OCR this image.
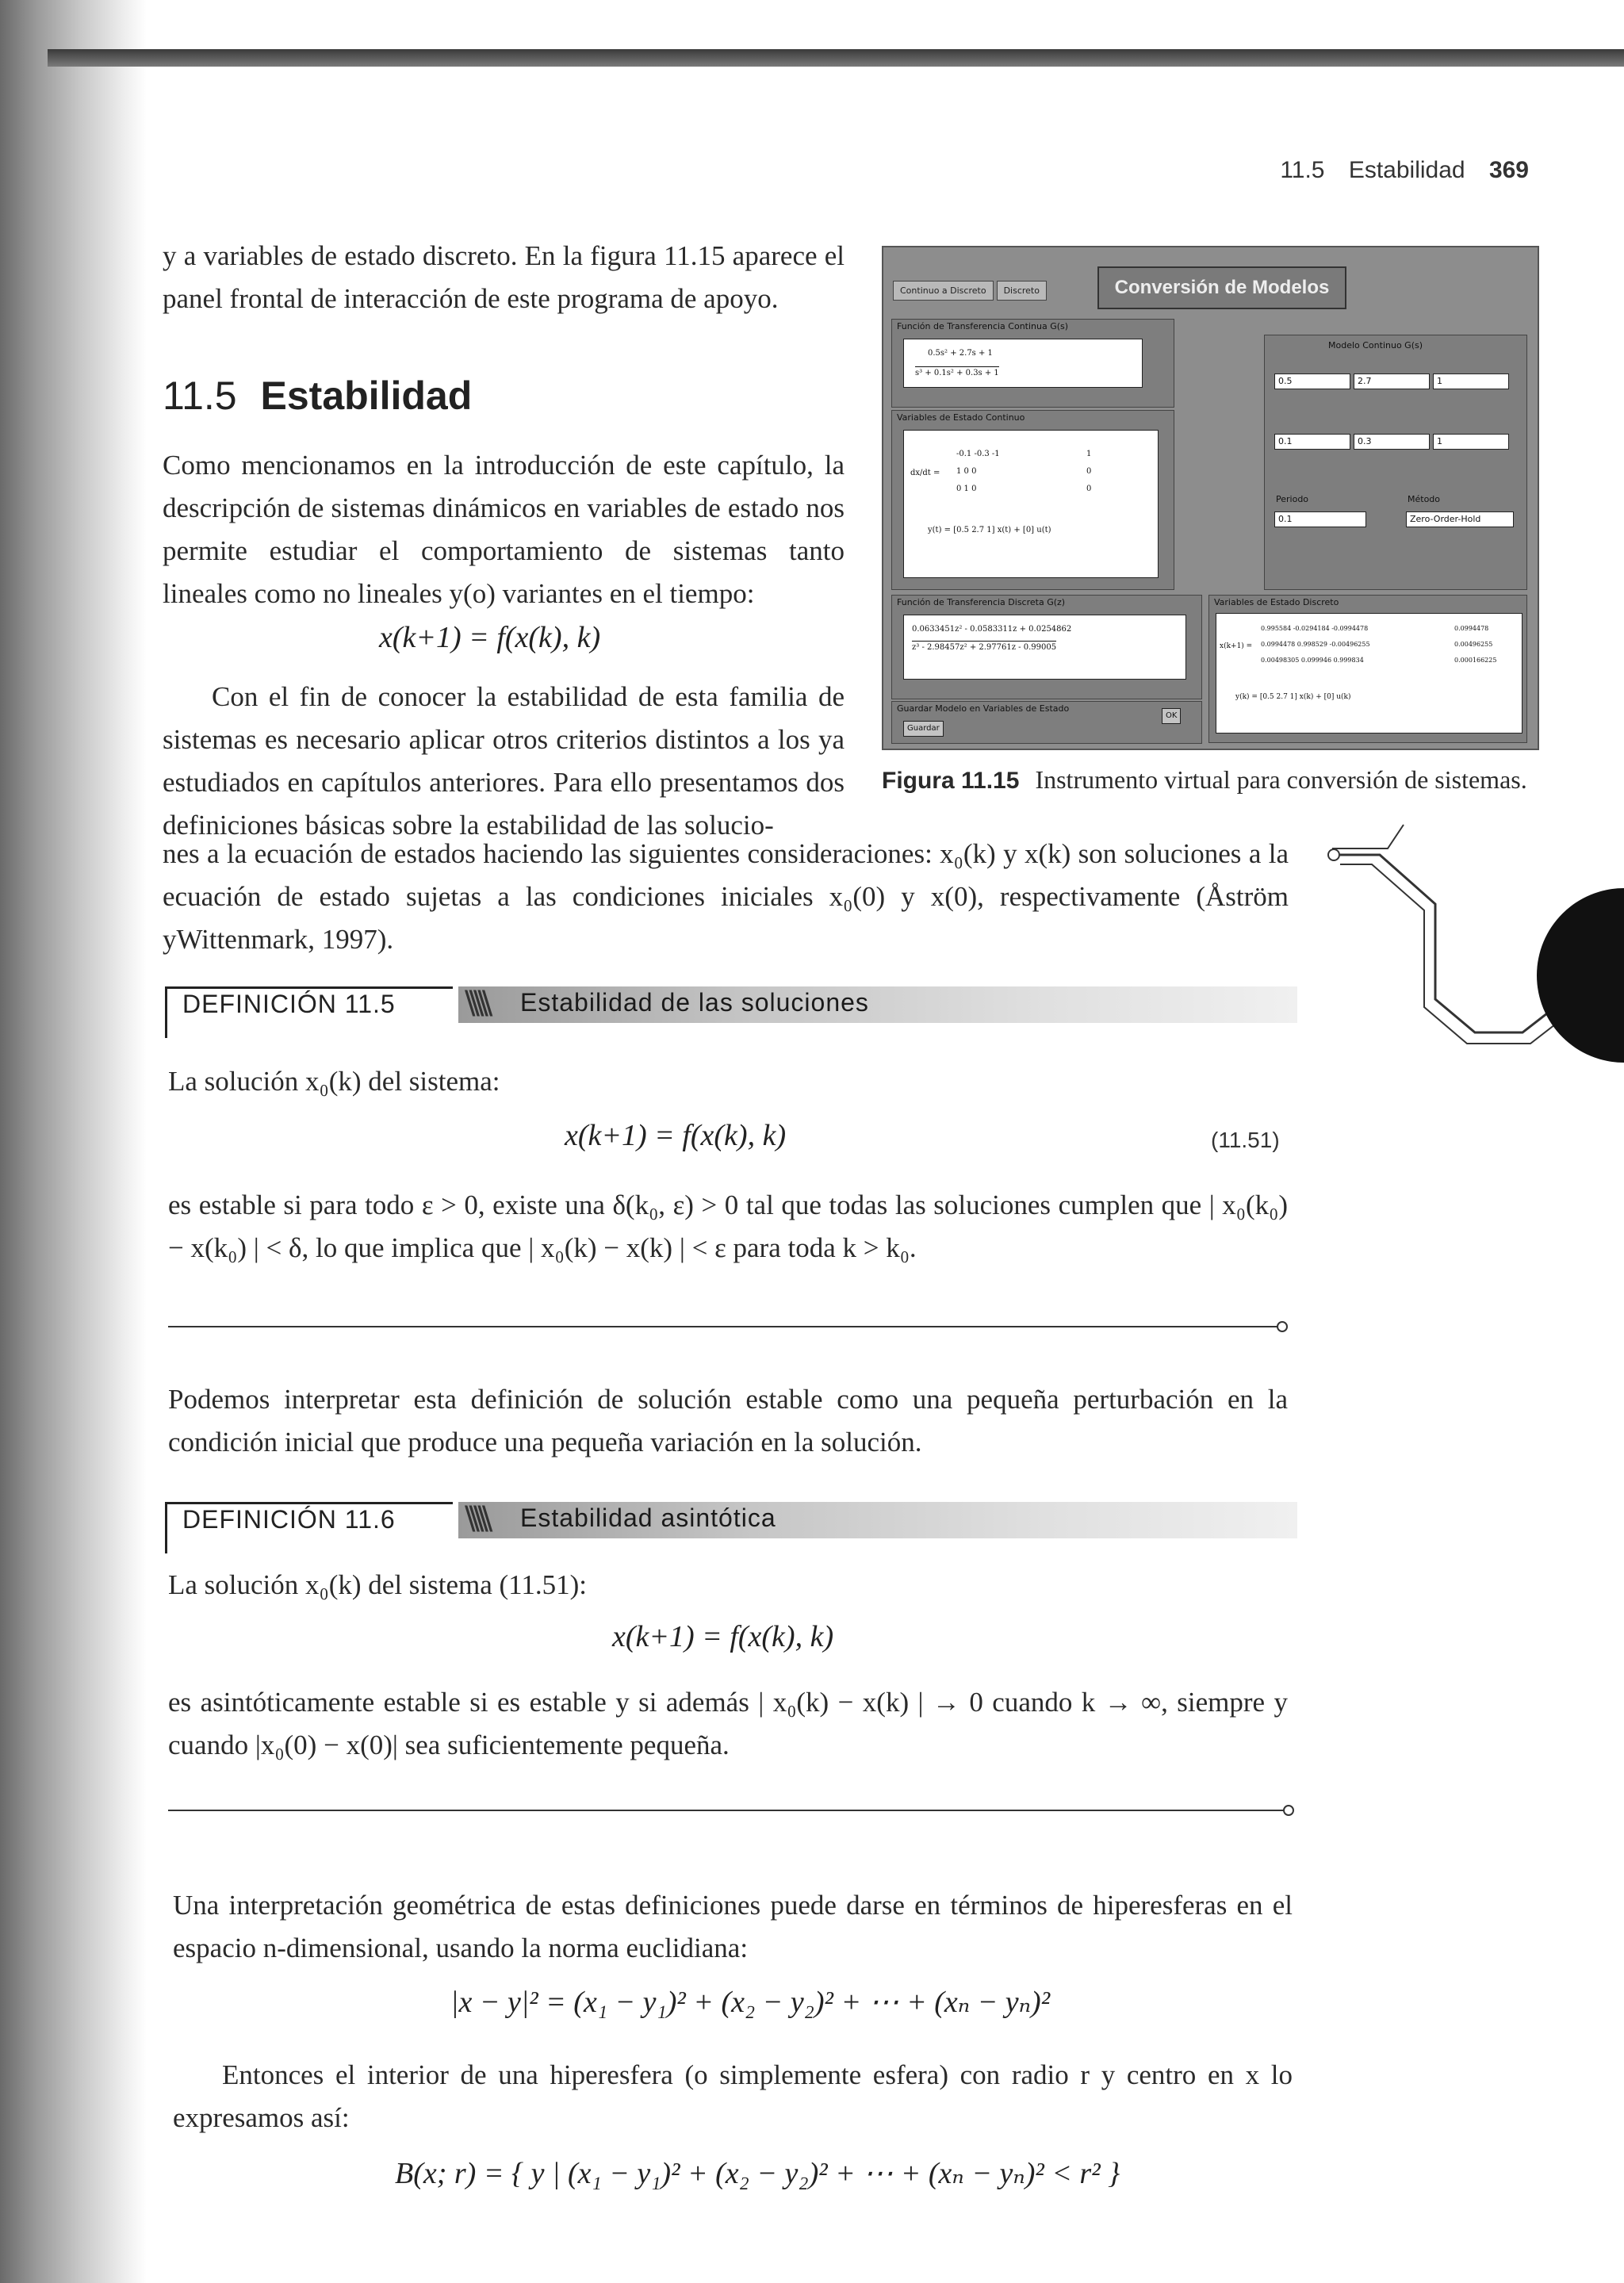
11.5 Estabilidad 369
y a variables de estado discreto. En la figura 11.15 aparece el panel frontal de interacción de este programa de apoyo.
11.5 Estabilidad
Como mencionamos en la introducción de este capítulo, la descripción de sistemas dinámicos en variables de estado nos permite estudiar el comportamiento de sistemas tanto lineales como no lineales y(o) variantes en el tiempo:
x(k+1) = f(x(k), k)
Con el fin de conocer la estabilidad de esta familia de sistemas es necesario aplicar otros criterios distintos a los ya estudiados en capítulos anteriores. Para ello presentamos dos definiciones básicas sobre la estabilidad de las solucio-
nes a la ecuación de estados haciendo las siguientes consideraciones: x₀(k) y x(k) son soluciones a la ecuación de estado sujetas a las condiciones iniciales x₀(0) y x(0), respectivamente (Åström yWittenmark, 1997).
Continuo a Discreto Discreto	Conversión de Modelos
Función de Transferencia Continua G(s)
$\frac{\text{0.5s² + 2.7s + 1}}{\text{s³ + 0.1s² + 0.3s + 1}}$
Variables de Estado Continuo
dx/dt =
-0.1 -0.3 -1
1 0 0
0 1 0
1
0
0
y(t) = [0.5 2.7 1] x(t) + [0] u(t)
Modelo Continuo G(s)
0.5	2.7	1
0.1	0.3	1
Periodo
0.1
Método
Zero-Order-Hold
Función de Transferencia Discreta G(z)
$\frac{\text{0.0633451z² - 0.0583311z + 0.0254862}}{\text{z³ - 2.98457z² + 2.97761z - 0.99005}}$
Variables de Estado Discreto
x(k+1) =
0.995584 -0.0294184 -0.0994478
0.0994478 0.998529 -0.00496255
0.00498305 0.099946 0.999834
0.0994478
0.00496255
0.000166225
y(k) = [0.5 2.7 1] x(k) + [0] u(k)
Guardar Modelo en Variables de Estado
Guardar
OK
Figura 11.15 Instrumento virtual para conversión de sistemas.
DEFINICIÓN 11.5 \\\\\ Estabilidad de las soluciones
La solución x₀(k) del sistema:
x(k+1) = f(x(k), k)	(11.51)
es estable si para todo ε > 0, existe una δ(k₀, ε) > 0 tal que todas las soluciones cumplen que | x₀(k₀) − x(k₀) | < δ, lo que implica que | x₀(k) − x(k) | < ε para toda k > k₀.
Podemos interpretar esta definición de solución estable como una pequeña perturbación en la condición inicial que produce una pequeña variación en la solución.
DEFINICIÓN 11.6 \\\\\ Estabilidad asintótica
La solución x₀(k) del sistema (11.51):
x(k+1) = f(x(k), k)
es asintóticamente estable si es estable y si además | x₀(k) − x(k) | → 0 cuando k → ∞, siempre y cuando |x₀(0) − x(0)| sea suficientemente pequeña.
Una interpretación geométrica de estas definiciones puede darse en términos de hiperesferas en el espacio n-dimensional, usando la norma euclidiana:
|x − y|² = (x₁ − y₁)² + (x₂ − y₂)² + ⋯ + (xₙ − yₙ)²
Entonces el interior de una hiperesfera (o simplemente esfera) con radio r y centro en x lo expresamos así:
B(x; r) = { y | (x₁ − y₁)² + (x₂ − y₂)² + ⋯ + (xₙ − yₙ)² < r² }
